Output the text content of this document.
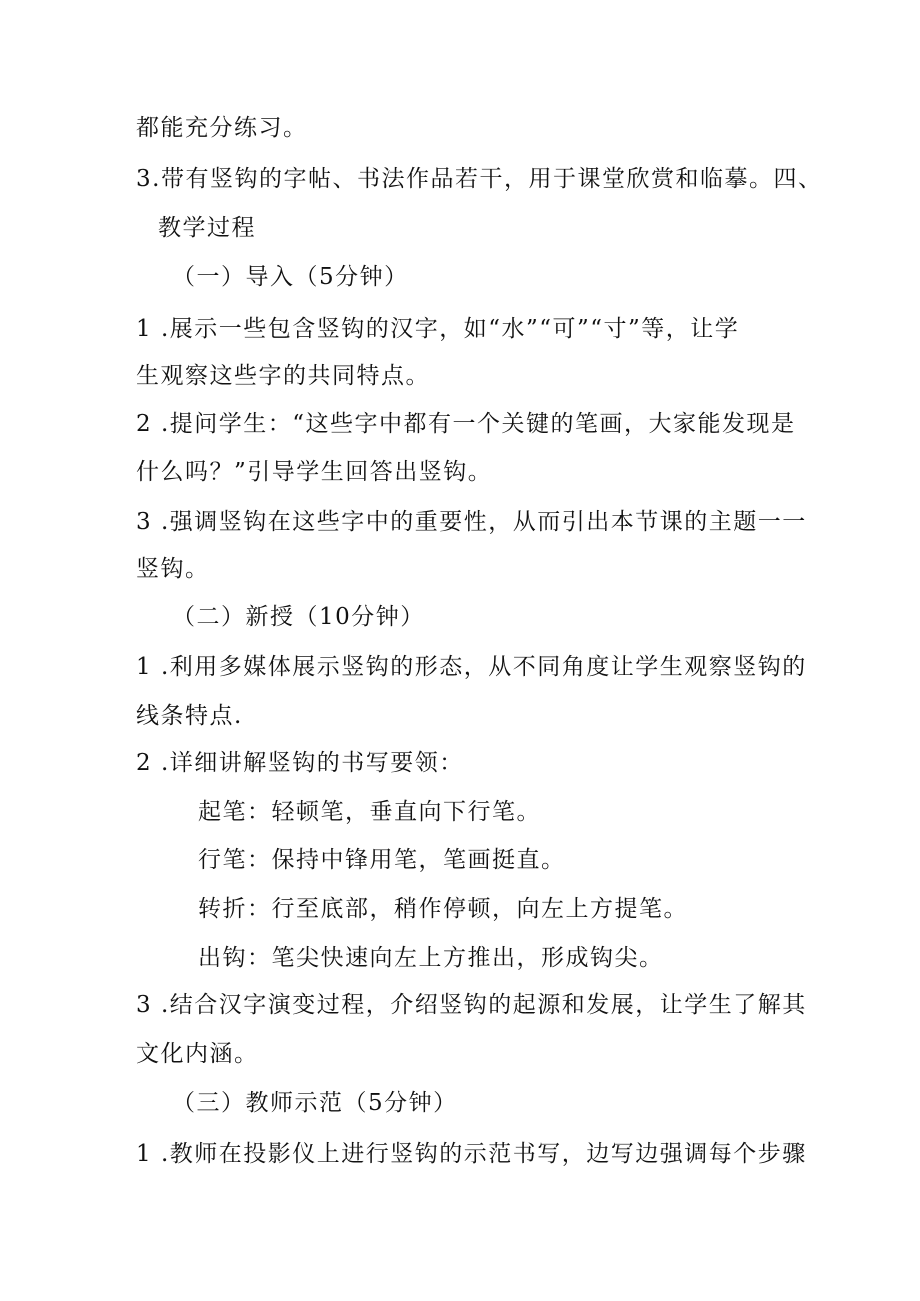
都能充分练习。
3.带有竖钩的字帖、书法作品若干，用于课堂欣赏和临摹。四、
教学过程
（一）导入（5分钟）
1 .展示一些包含竖钩的汉字，如“水”“可”“寸”等，让学
生观察这些字的共同特点。
2 .提问学生：“这些字中都有一个关键的笔画，大家能发现是
什么吗？”引导学生回答出竖钩。
3 .强调竖钩在这些字中的重要性，从而引出本节课的主题一一
竖钩。
（二）新授（10分钟）
1 .利用多媒体展示竖钩的形态，从不同角度让学生观察竖钩的
线条特点.
2 .详细讲解竖钩的书写要领：
起笔：轻顿笔，垂直向下行笔。
行笔：保持中锋用笔，笔画挺直。
转折：行至底部，稍作停顿，向左上方提笔。
出钩：笔尖快速向左上方推出，形成钩尖。
3 .结合汉字演变过程，介绍竖钩的起源和发展，让学生了解其
文化内涵。
（三）教师示范（5分钟）
1 .教师在投影仪上进行竖钩的示范书写，边写边强调每个步骤
